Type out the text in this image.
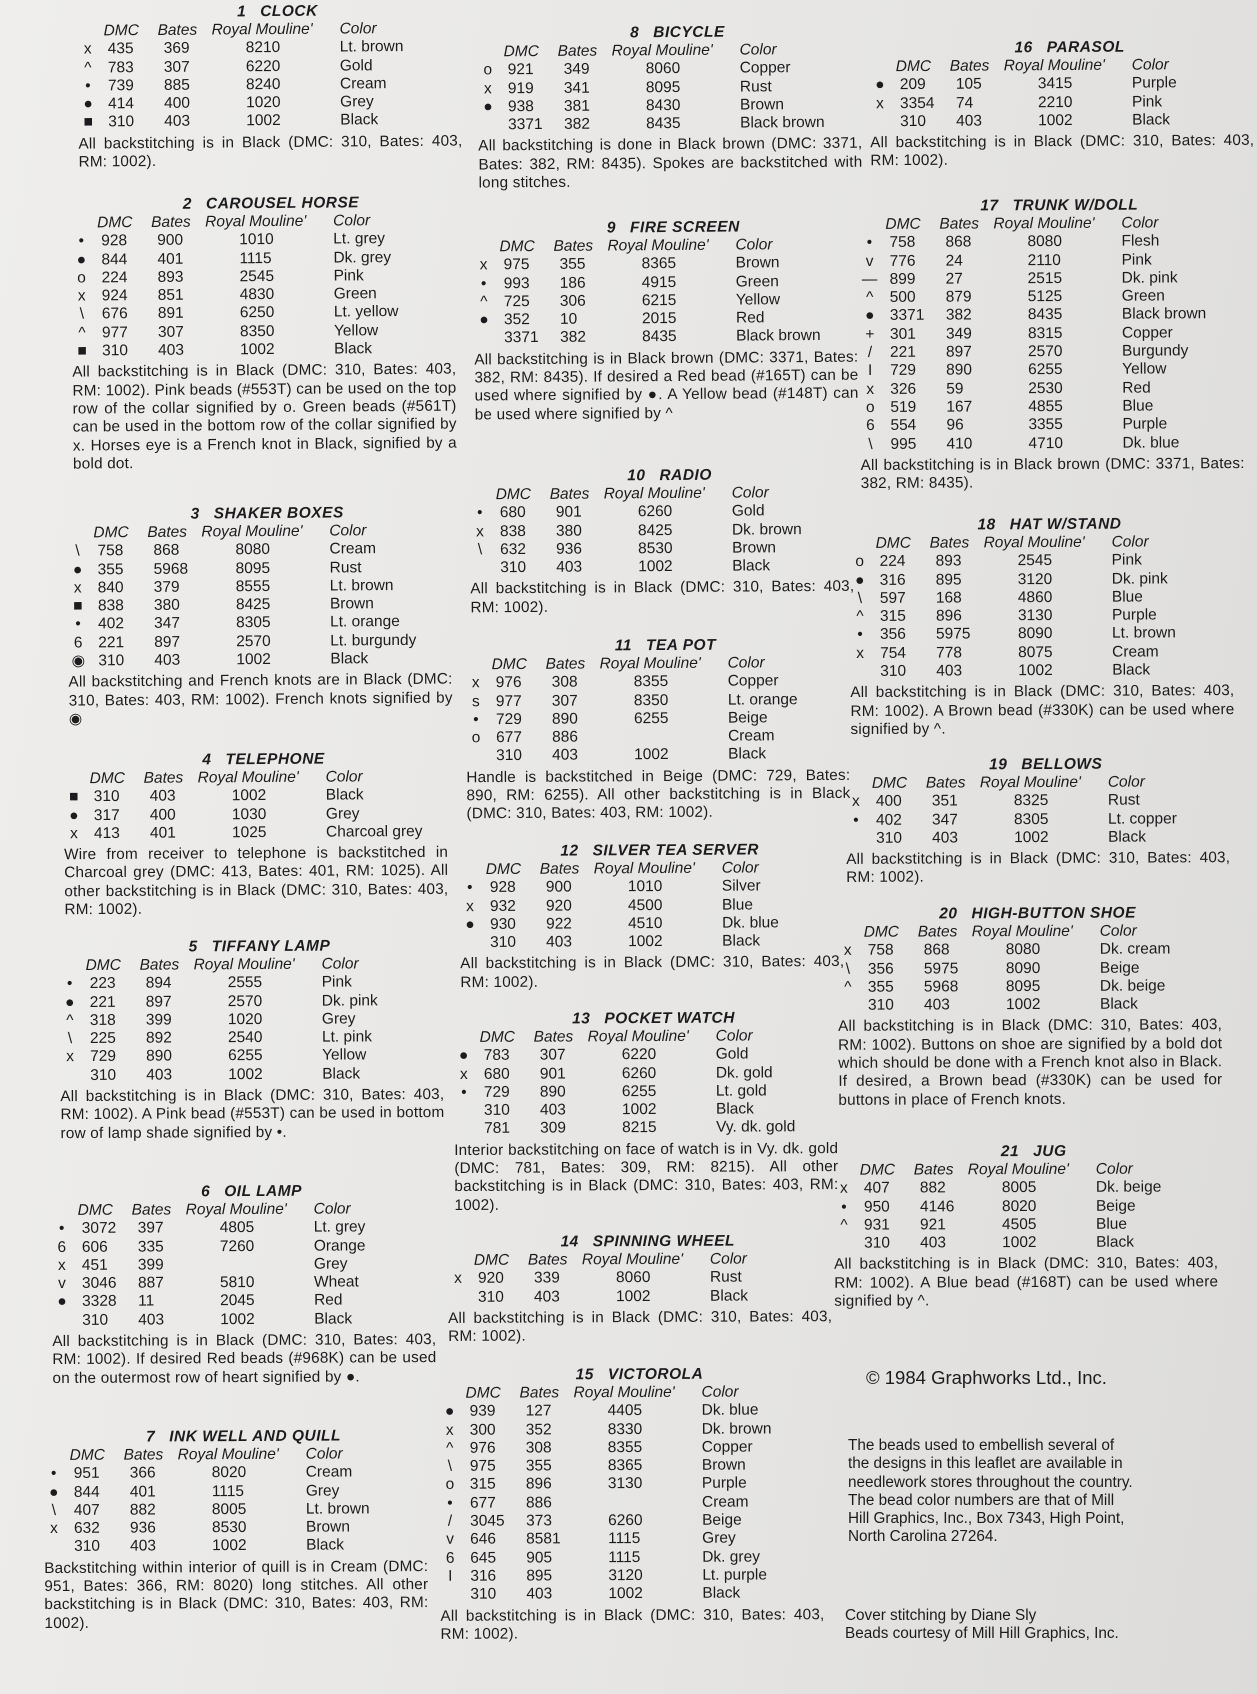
1 CLOCK
DMC Bates Royal Mouline' Color
x	435 369	8210	Lt. brown
^	783 307	6220	Gold
•	739 885	8240	Cream
● 414 400	1020	Grey
■ 310 403	1002	Black
All backstitching is in Black (DMC: 310, Bates: 403, RM: 1002).
2 CAROUSEL HORSE
DMC Bates Royal Mouline' Color
•	928 900	1010	Lt. grey
● 844 401	1115	Dk. grey
o	224 893	2545	Pink
x	924 851	4830	Green
\	676 891	6250	Lt. yellow
^	977 307	8350	Yellow
■ 310 403	1002	Black
All backstitching is in Black (DMC: 310, Bates: 403, RM: 1002). Pink beads (#553T) can be used on the top row of the collar signified by o. Green beads (#561T) can be used in the bottom row of the collar signified by x. Horses eye is a French knot in Black, signified by a bold dot.
3 SHAKER BOXES
DMC Bates Royal Mouline' Color
\	758 868	8080	Cream
● 355 5968	8095	Rust
x	840 379	8555	Lt. brown
■ 838 380	8425	Brown
•	402 347	8305	Lt. orange
6	221 897	2570	Lt. burgundy
◉ 310 403	1002	Black
All backstitching and French knots are in Black (DMC: 310, Bates: 403, RM: 1002). French knots signified by ◉
4 TELEPHONE
DMC Bates Royal Mouline' Color
■ 310 403	1002	Black
● 317 400	1030	Grey
x	413 401	1025	Charcoal grey
Wire from receiver to telephone is backstitched in Charcoal grey (DMC: 413, Bates: 401, RM: 1025). All other backstitching is in Black (DMC: 310, Bates: 403, RM: 1002).
5 TIFFANY LAMP
DMC Bates Royal Mouline' Color
•	223 894	2555	Pink
● 221 897	2570	Dk. pink
^	318 399	1020	Grey
\	225 892	2540	Lt. pink
x	729 890	6255	Yellow
310 403	1002	Black
All backstitching is in Black (DMC: 310, Bates: 403, RM: 1002). A Pink bead (#553T) can be used in bottom row of lamp shade signified by •.
6 OIL LAMP
DMC Bates Royal Mouline' Color
•	3072 397	4805	Lt. grey
6	606 335	7260	Orange
x	451 399	Grey
v	3046 887	5810	Wheat
● 3328 11	2045	Red
310 403	1002	Black
All backstitching is in Black (DMC: 310, Bates: 403, RM: 1002). If desired Red beads (#968K) can be used on the outermost row of heart signified by ●.
7 INK WELL AND QUILL
DMC Bates Royal Mouline' Color
•	951 366	8020	Cream
● 844 401	1115	Grey
\	407 882	8005	Lt. brown
x	632 936	8530	Brown
310 403	1002	Black
Backstitching within interior of quill is in Cream (DMC: 951, Bates: 366, RM: 8020) long stitches. All other backstitching is in Black (DMC: 310, Bates: 403, RM: 1002).
8 BICYCLE
DMC Bates Royal Mouline' Color
o	921 349	8060	Copper
x	919 341	8095	Rust
● 938 381	8430	Brown
3371 382	8435	Black brown
All backstitching is done in Black brown (DMC: 3371, Bates: 382, RM: 8435). Spokes are backstitched with long stitches.
9 FIRE SCREEN
DMC Bates Royal Mouline' Color
x	975 355	8365	Brown
•	993 186	4915	Green
^	725 306	6215	Yellow
● 352 10	2015	Red
3371 382	8435	Black brown
All backstitching is in Black brown (DMC: 3371, Bates: 382, RM: 8435). If desired a Red bead (#165T) can be used where signified by ●. A Yellow bead (#148T) can be used where signified by ^
10 RADIO
DMC Bates Royal Mouline' Color
•	680 901	6260	Gold
x	838 380	8425	Dk. brown
\	632 936	8530	Brown
310 403	1002	Black
All backstitching is in Black (DMC: 310, Bates: 403, RM: 1002).
11 TEA POT
DMC Bates Royal Mouline' Color
x	976 308	8355	Copper
s	977 307	8350	Lt. orange
•	729 890	6255	Beige
o	677 886	Cream
310 403	1002	Black
Handle is backstitched in Beige (DMC: 729, Bates: 890, RM: 6255). All other backstitching is in Black (DMC: 310, Bates: 403, RM: 1002).
12 SILVER TEA SERVER
DMC Bates Royal Mouline' Color
•	928 900	1010	Silver
x	932 920	4500	Blue
● 930 922	4510	Dk. blue
310 403	1002	Black
All backstitching is in Black (DMC: 310, Bates: 403, RM: 1002).
13 POCKET WATCH
DMC Bates Royal Mouline' Color
● 783 307	6220	Gold
x	680 901	6260	Dk. gold
•	729 890	6255	Lt. gold
310 403	1002	Black
781 309	8215	Vy. dk. gold
Interior backstitching on face of watch is in Vy. dk. gold (DMC: 781, Bates: 309, RM: 8215). All other backstitching is in Black (DMC: 310, Bates: 403, RM: 1002).
14 SPINNING WHEEL
DMC Bates Royal Mouline' Color
x	920 339	8060	Rust
310 403	1002	Black
All backstitching is in Black (DMC: 310, Bates: 403, RM: 1002).
15 VICTOROLA
DMC Bates Royal Mouline' Color
● 939 127	4405	Dk. blue
x	300 352	8330	Dk. brown
^	976 308	8355	Copper
\	975 355	8365	Brown
o	315 896	3130	Purple
•	677 886	Cream
/	3045 373	6260	Beige
v	646 8581	1115	Grey
6	645 905	1115	Dk. grey
I	316 895	3120	Lt. purple
310 403	1002	Black
All backstitching is in Black (DMC: 310, Bates: 403, RM: 1002).
16 PARASOL
DMC Bates Royal Mouline' Color
● 209 105	3415	Purple
x	3354 74	2210	Pink
310 403	1002	Black
All backstitching is in Black (DMC: 310, Bates: 403, RM: 1002).
17 TRUNK W/DOLL
DMC Bates Royal Mouline' Color
•	758 868	8080	Flesh
v	776 24	2110	Pink
— 899 27	2515	Dk. pink
^	500 879	5125	Green
● 3371 382	8435	Black brown
+ 301 349	8315	Copper
/	221 897	2570	Burgundy
I	729 890	6255	Yellow
x	326 59	2530	Red
o	519 167	4855	Blue
6	554 96	3355	Purple
\	995 410	4710	Dk. blue
All backstitching is in Black brown (DMC: 3371, Bates: 382, RM: 8435).
18 HAT W/STAND
DMC Bates Royal Mouline' Color
o	224 893	2545	Pink
● 316 895	3120	Dk. pink
\	597 168	4860	Blue
^	315 896	3130	Purple
•	356 5975	8090	Lt. brown
x	754 778	8075	Cream
310 403	1002	Black
All backstitching is in Black (DMC: 310, Bates: 403, RM: 1002). A Brown bead (#330K) can be used where signified by ^.
19 BELLOWS
DMC Bates Royal Mouline' Color
x	400 351	8325	Rust
•	402 347	8305	Lt. copper
310 403	1002	Black
All backstitching is in Black (DMC: 310, Bates: 403, RM: 1002).
20 HIGH-BUTTON SHOE
DMC Bates Royal Mouline' Color
x	758 868	8080	Dk. cream
\	356 5975	8090	Beige
^	355 5968	8095	Dk. beige
310 403	1002	Black
All backstitching is in Black (DMC: 310, Bates: 403, RM: 1002). Buttons on shoe are signified by a bold dot which should be done with a French knot also in Black. If desired, a Brown bead (#330K) can be used for buttons in place of French knots.
21 JUG
DMC Bates Royal Mouline' Color
x	407 882	8005	Dk. beige
•	950 4146	8020	Beige
^	931 921	4505	Blue
310 403	1002	Black
All backstitching is in Black (DMC: 310, Bates: 403, RM: 1002). A Blue bead (#168T) can be used where signified by ^.
© 1984 Graphworks Ltd., Inc.
The beads used to embellish several of the designs in this leaflet are available in needlework stores throughout the country. The bead color numbers are that of Mill Hill Graphics, Inc., Box 7343, High Point, North Carolina 27264.
Cover stitching by Diane Sly
Beads courtesy of Mill Hill Graphics, Inc.
